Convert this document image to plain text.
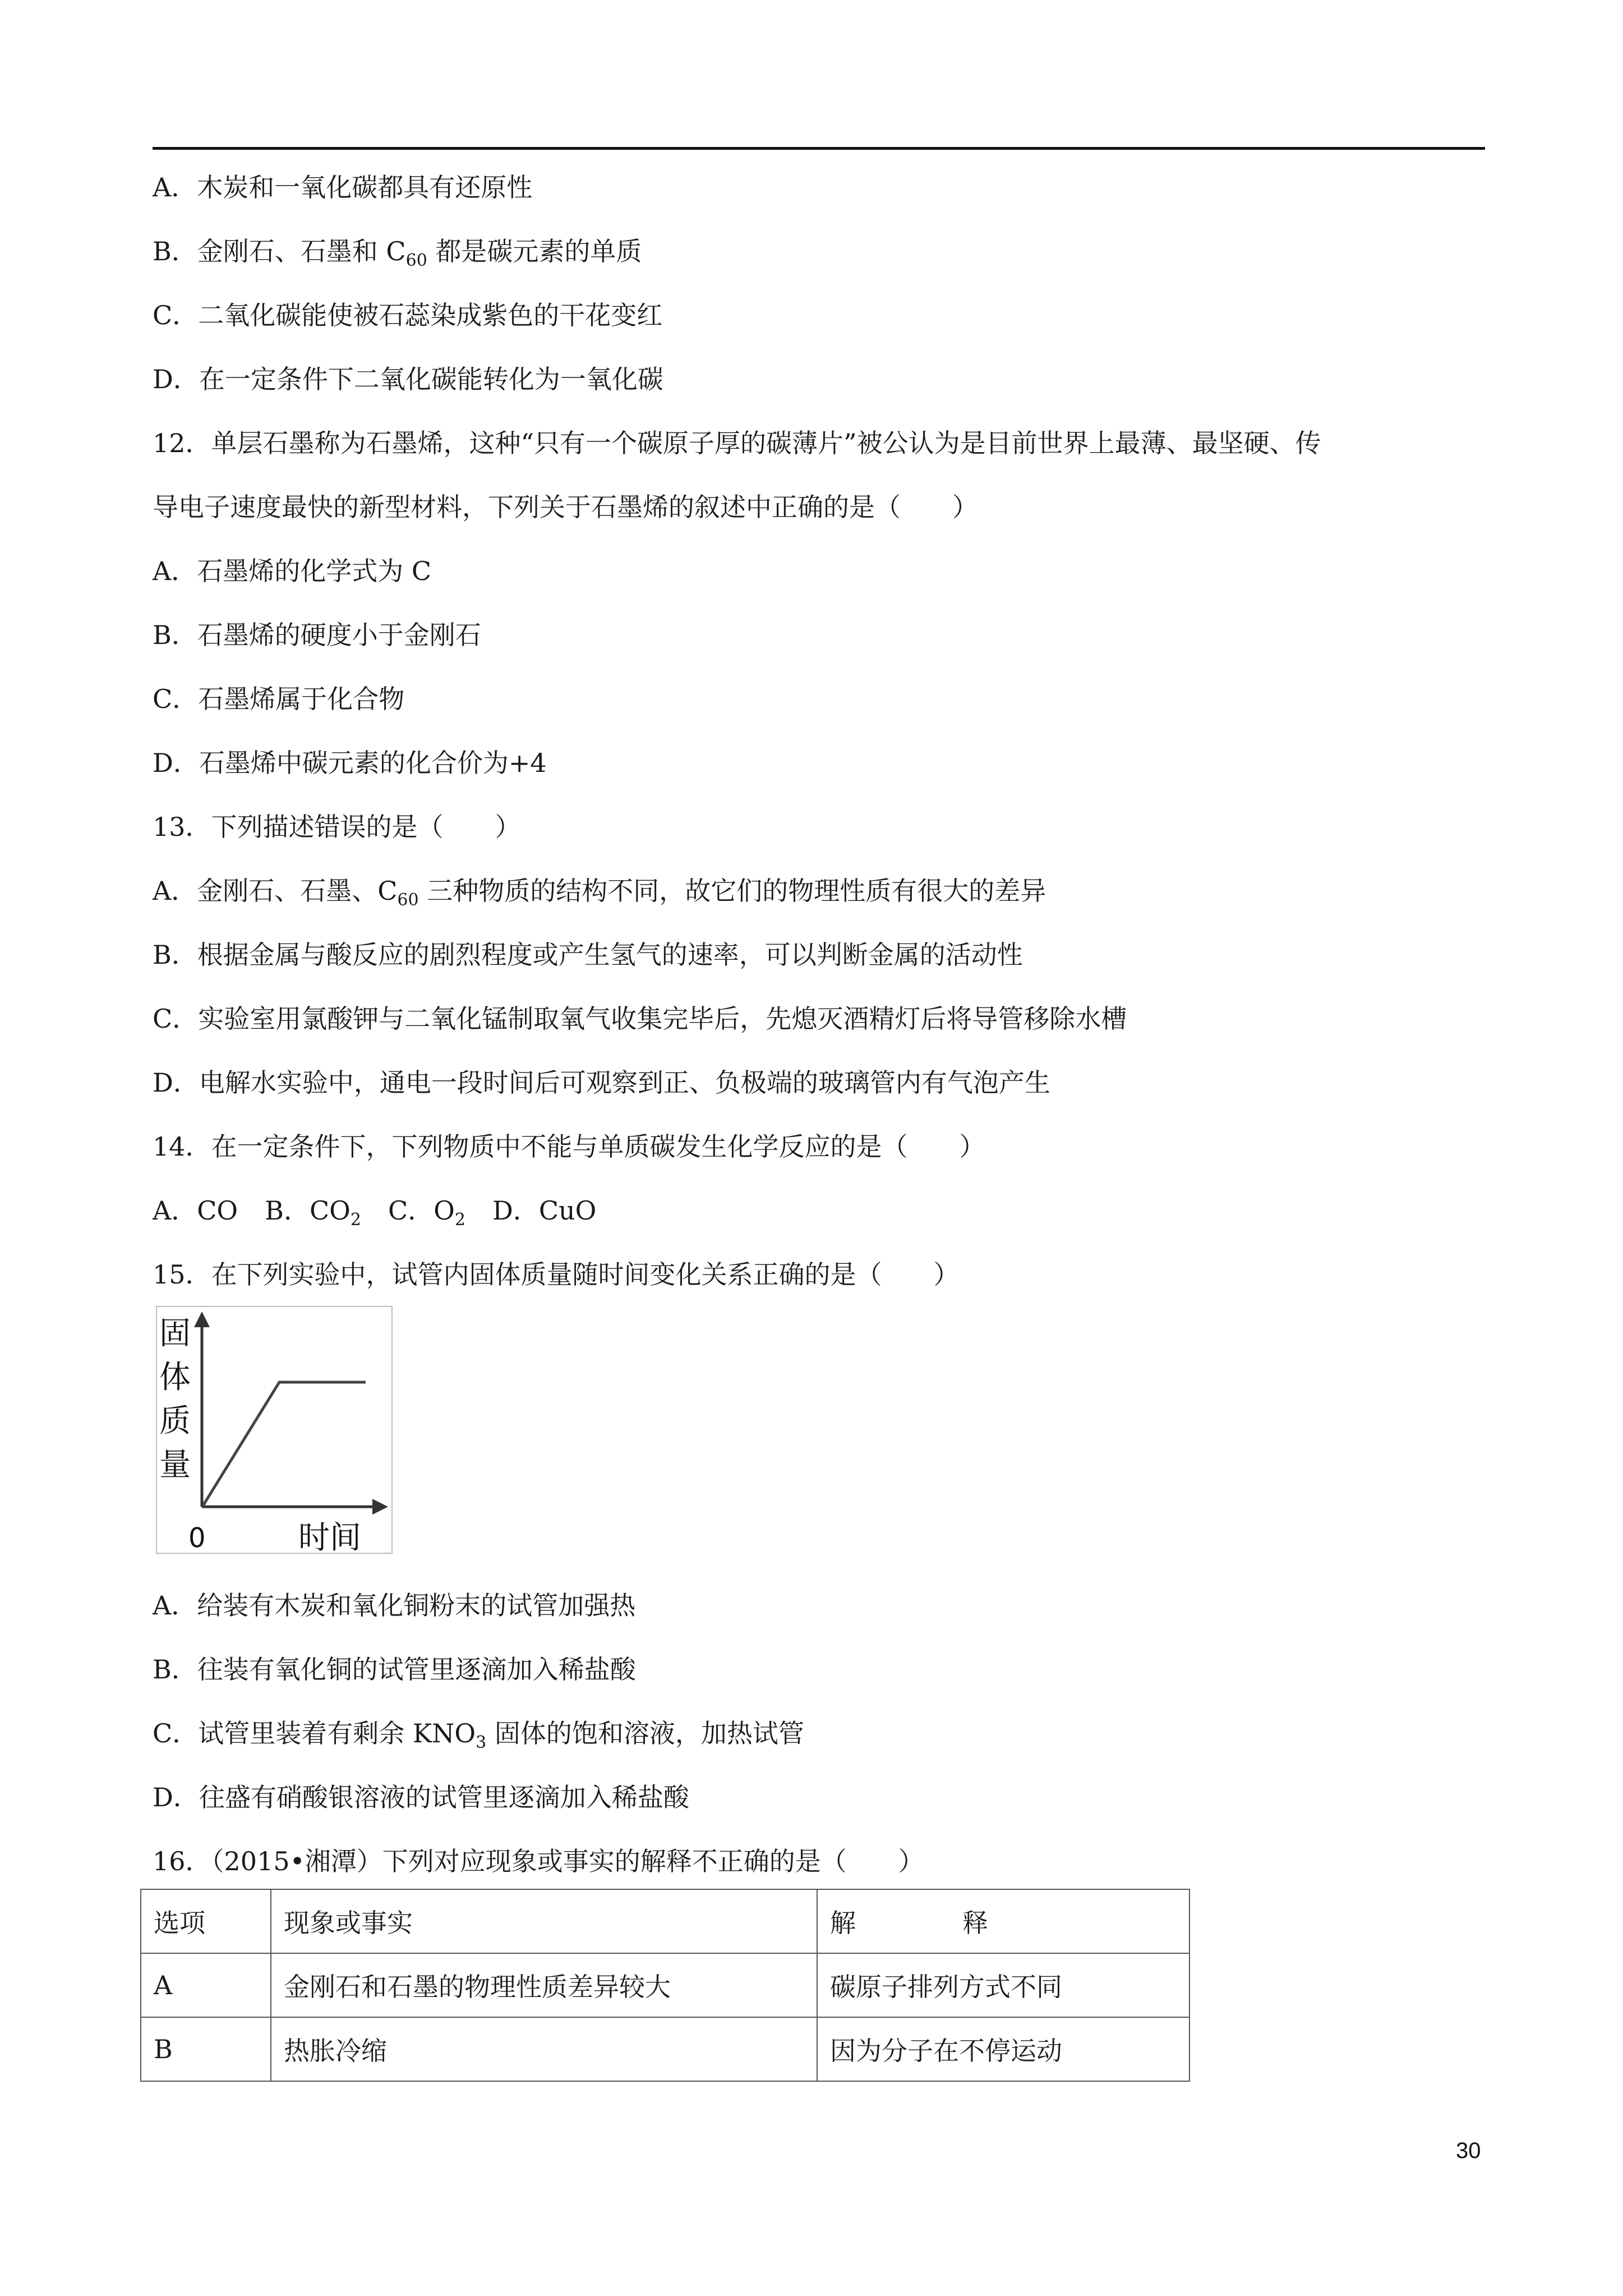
A．木炭和一氧化碳都具有还原性
B．金刚石、石墨和 $C_{60}$ 都是碳元素的单质
C．二氧化碳能使被石蕊染成紫色的干花变红
D．在一定条件下二氧化碳能转化为一氧化碳
12．单层石墨称为石墨烯，这种“只有一个碳原子厚的碳薄片”被公认为是目前世界上最薄、最坚硬、传
导电子速度最快的新型材料，下列关于石墨烯的叙述中正确的是（　　）
A．石墨烯的化学式为 C
B．石墨烯的硬度小于金刚石
C．石墨烯属于化合物
D．石墨烯中碳元素的化合价为+4
13．下列描述错误的是（　　）
A．金刚石、石墨、$C_{60}$ 三种物质的结构不同，故它们的物理性质有很大的差异
B．根据金属与酸反应的剧烈程度或产生氢气的速率，可以判断金属的活动性
C．实验室用氯酸钾与二氧化锰制取氧气收集完毕后，先熄灭酒精灯后将导管移除水槽
D．电解水实验中，通电一段时间后可观察到正、负极端的玻璃管内有气泡产生
14．在一定条件下，下列物质中不能与单质碳发生化学反应的是（　　）
A．CO B．$CO_2$ C．$O_2$ D．CuO
15．在下列实验中，试管内固体质量随时间变化关系正确的是（　　）
固
体
质
量
0	时间
A．给装有木炭和氧化铜粉末的试管加强热
B．往装有氧化铜的试管里逐滴加入稀盐酸
C．试管里装着有剩余 $KNO_3$ 固体的饱和溶液，加热试管
D．往盛有硝酸银溶液的试管里逐滴加入稀盐酸
16．（2015•湘潭）下列对应现象或事实的解释不正确的是（　　）
选项	现象或事实	解 释
A	金刚石和石墨的物理性质差异较大	碳原子排列方式不同
B	热胀冷缩	因为分子在不停运动
30
